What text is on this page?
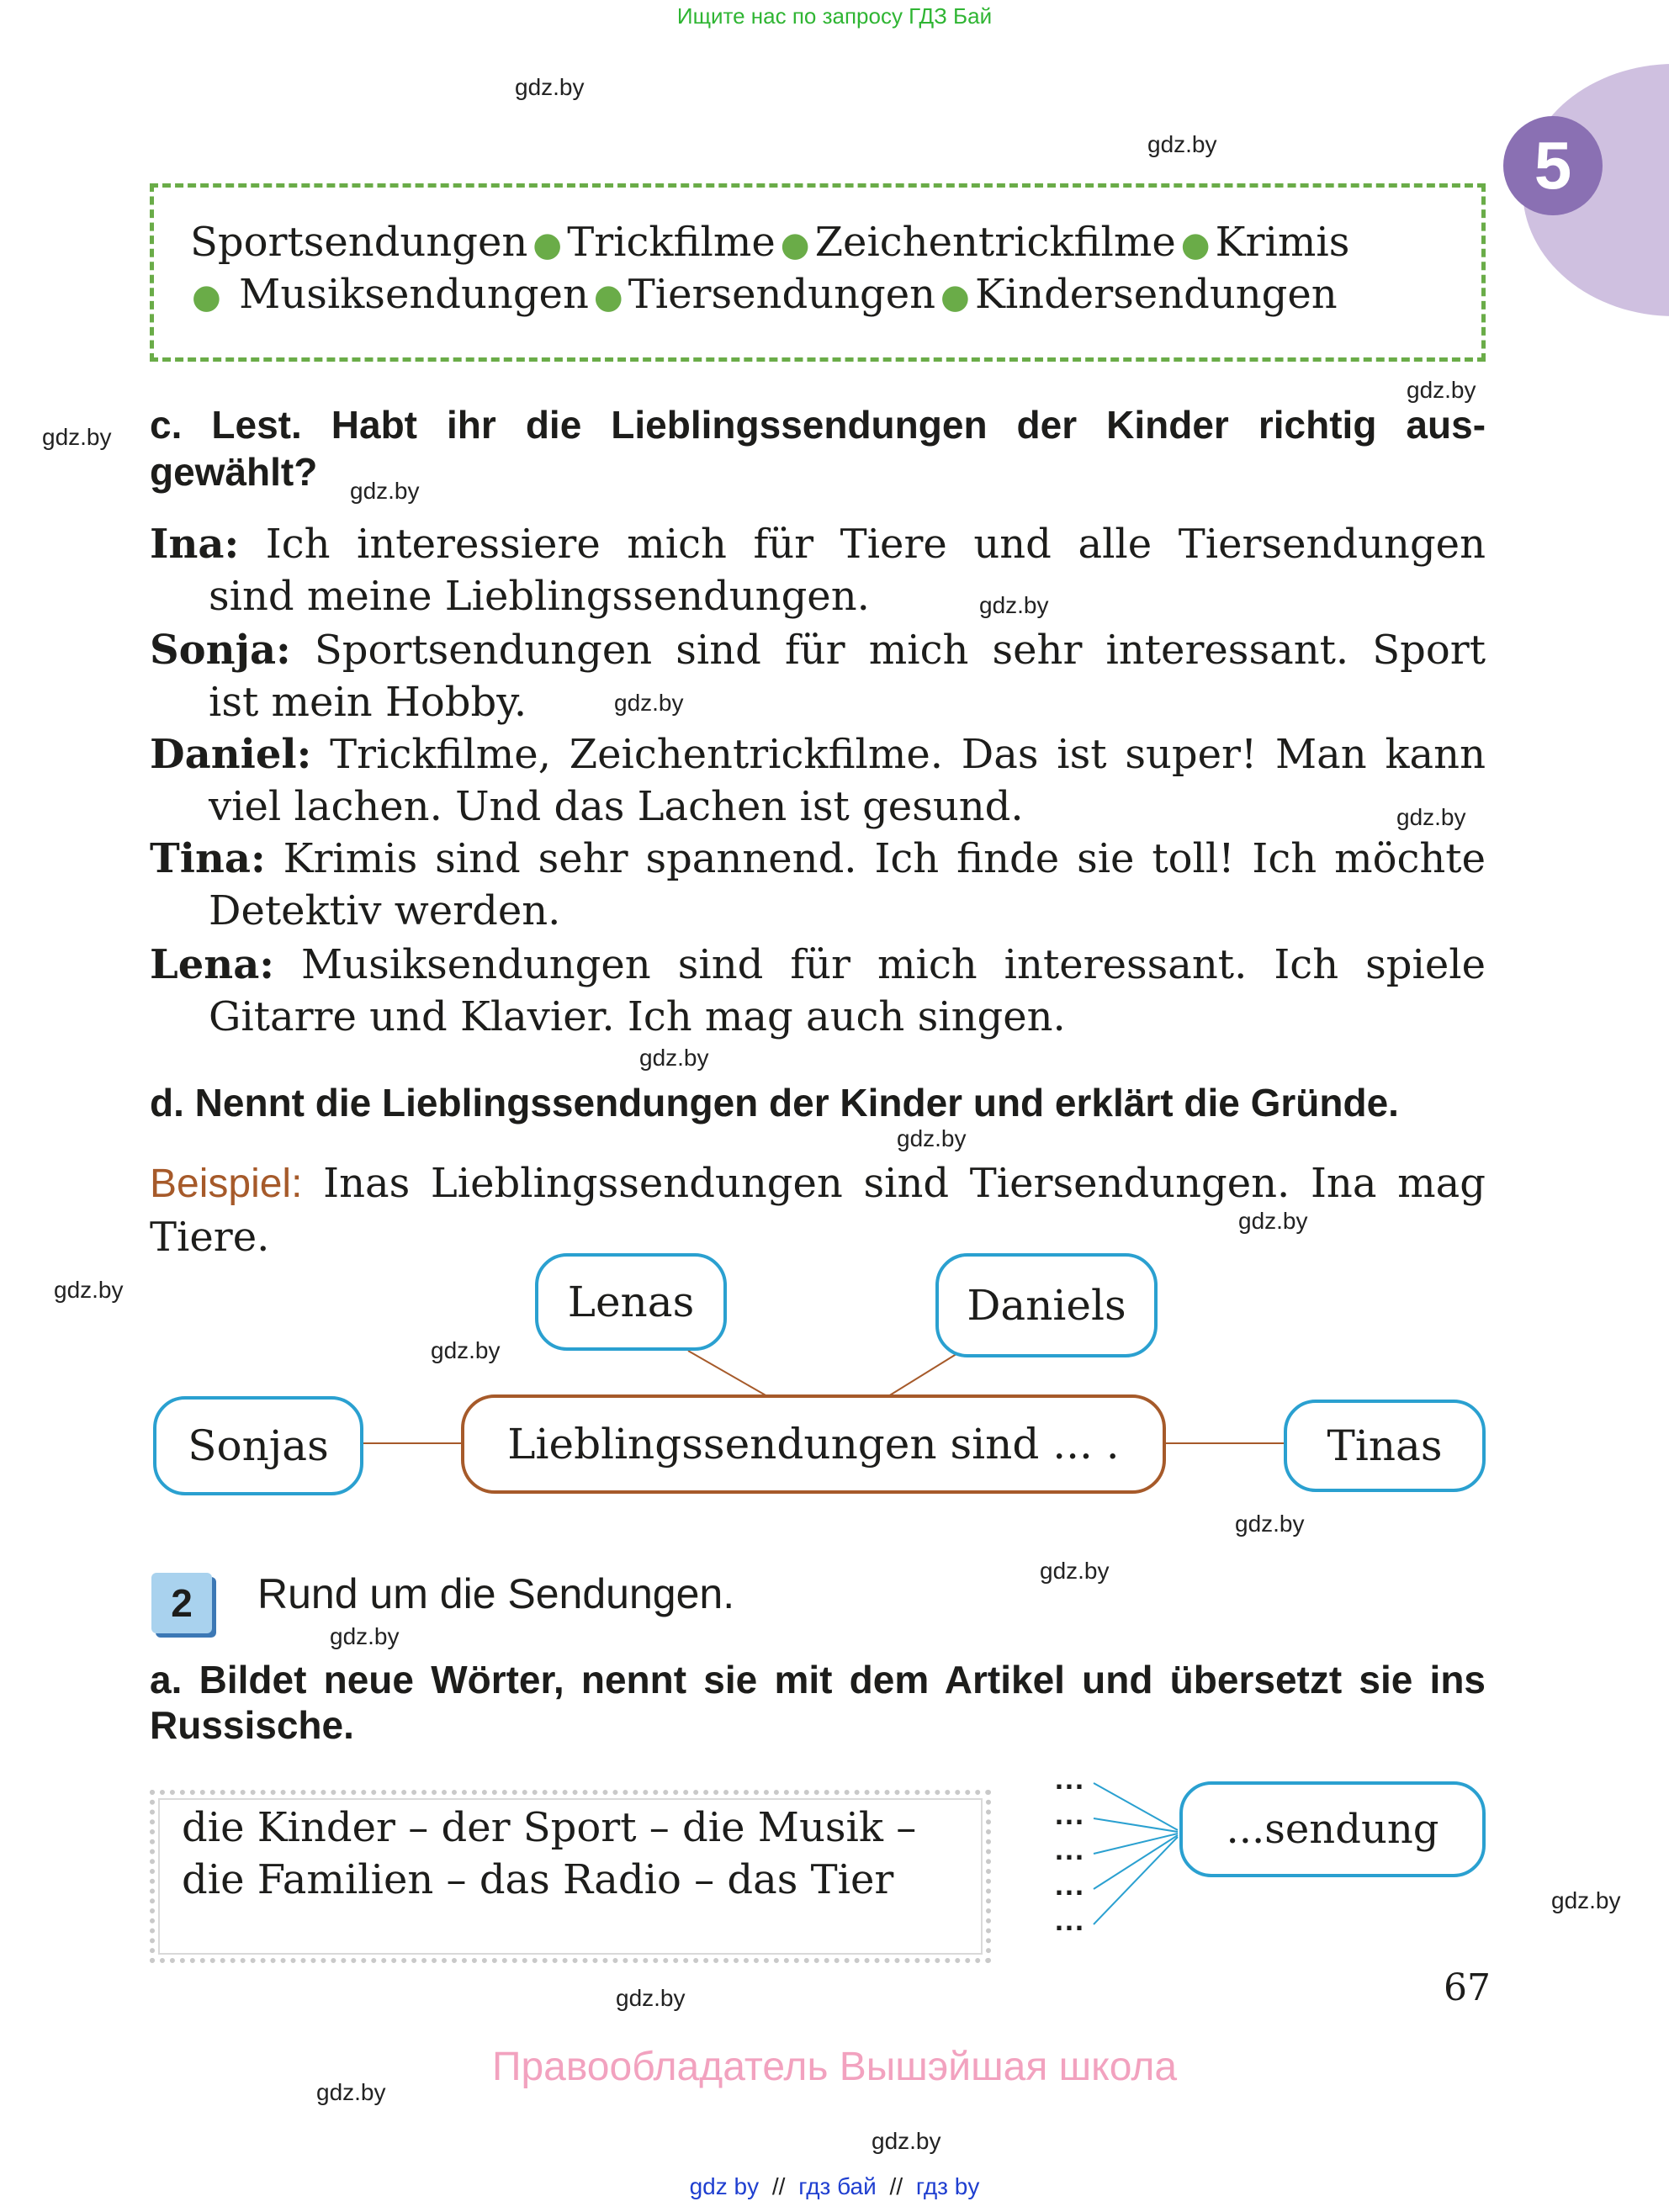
Ищите нас по запросу ГДЗ Бай
5
gdz.by
gdz.by
gdz.by
gdz.by
gdz.by
gdz.by
gdz.by
gdz.by
gdz.by
gdz.by
gdz.by
gdz.by
gdz.by
gdz.by
gdz.by
gdz.by
gdz.by
gdz.by
gdz.by
gdz.by
Sportsendungen ● Trickfilme ● Zeichentrickfilme ● Krimis
● Musiksendungen ● Tiersendungen ● Kindersendungen
c. Lest. Habt ihr die Lieblingssendungen der Kinder richtig aus-
gewählt?
Ina: Ich interessiere mich für Tiere und alle Tiersendungen
sind meine Lieblingssendungen.
Sonja: Sportsendungen sind für mich sehr interessant. Sport
ist mein Hobby.
Daniel: Trickfilme, Zeichentrickfilme. Das ist super! Man kann
viel lachen. Und das Lachen ist gesund.
Tina: Krimis sind sehr spannend. Ich finde sie toll! Ich möchte
Detektiv werden.
Lena: Musiksendungen sind für mich interessant. Ich spiele
Gitarre und Klavier. Ich mag auch singen.
d. Nennt die Lieblingssendungen der Kinder und erklärt die Gründe.
Beispiel: Inas Lieblingssendungen sind Tiersendungen. Ina mag
Tiere.
Lenas	Daniels
Sonjas	Lieblingssendungen sind ... .	Tinas
2	Rund um die Sendungen.
a. Bildet neue Wörter, nennt sie mit dem Artikel und übersetzt sie ins
Russische.
die Kinder – der Sport – die Musik –
die Familien – das Radio – das Tier
...
...
...
...
...
...sendung
67
Правообладатель Вышэйшая школа
gdz by // гдз бай // гдз by
